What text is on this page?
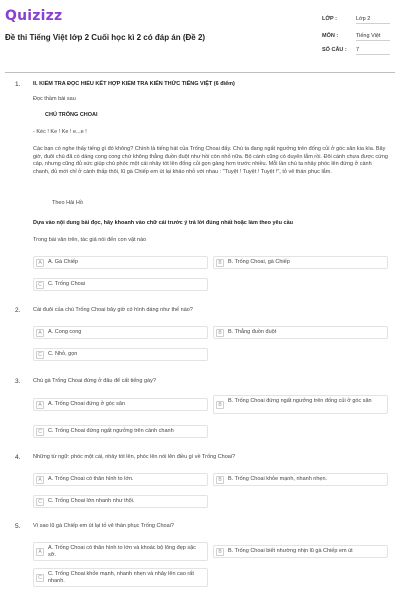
Quizizz
Đề thi Tiếng Việt lớp 2 Cuối học kì 2 có đáp án (Đề 2)
LỚP :	Lớp 2
MÔN :	Tiếng Việt
SỐ CÂU : 7
1. II. KIỂM TRA ĐỌC HIỂU KẾT HỢP KIỂM TRA KIẾN THỨC TIẾNG VIỆT (6 điểm)
Đọc thầm bài sau
CHÚ TRỐNG CHOAI
- Kéc ! Ke ! Ke ! e...e !
Các bạn có nghe thấy tiếng gì đó không? Chính là tiếng hát của Trống Choai đấy. Chú ta đang ngất ngưởng trên đống củi ở góc sân kia kìa. Bây giờ, đuôi chú đã có dáng cong cong chứ không thẳng đuồn đuột như hồi còn nhỏ nữa. Bộ cánh cũng có duyên lắm rồi. Đôi cánh chưa được cứng cáp, nhưng cũng đủ sức giúp chú phóc một cái nhảy tót lên đống củi gọn gàng hơn trước nhiều. Mỗi lần chú ta nhảy phóc lên đứng ở cành chanh, đủ mới chỉ ở cành thấp thôi, lũ gà Chiếp em út lại khảo nhỏ với nhau : "Tuyệt ! Tuyệt ! Tuyệt !", tỏ vẻ thán phục lắm.
Theo Hải Hồ
Dựa vào nội dung bài đọc, hãy khoanh vào chữ cái trước ý trả lời đúng nhất hoặc làm theo yêu cầu
Trong bài văn trên, tác giả nói đến con vật nào
A	A. Gà Chiếp	B	B. Trống Choai, gà Chiếp
C	C. Trống Choai
2. Cái đuôi của chú Trống Choai bây giờ có hình dáng như thế nào?
A	A. Cong cong	B	B. Thẳng đuồn đuột
C	C. Nhỏ, gọn
3. Chú gà Trống Choai đứng ở đâu để cất tiếng gáy?
A	A. Trống Choai đứng ở góc sân	B
B. Trống Choai đứng ngất ngưởng trên đống củi ở góc sân
C	C. Trống Choai đứng ngất ngưởng trên cành chanh
4. Những từ ngữ: phóc một cái, nhảy tót lên, phóc lên nói lên điều gì về Trống Choai?
A	A. Trống Choai có thân hình to lớn.	B	B. Trống Choai khỏe mạnh, nhanh nhẹn.
C	C. Trống Choai lớn nhanh như thổi.
5. Vì sao lũ gà Chiếp em út lại tỏ vẻ thán phục Trống Choai?
A
A. Trống Choai có thân hình to lớn và khoác bộ lông đẹp sặc sỡ.	B	B. Trống Choai biết nhường nhịn lũ gà Chiếp em út
C
C. Trống Choai khỏe mạnh, nhanh nhẹn và nhảy lên cao rất nhanh.
